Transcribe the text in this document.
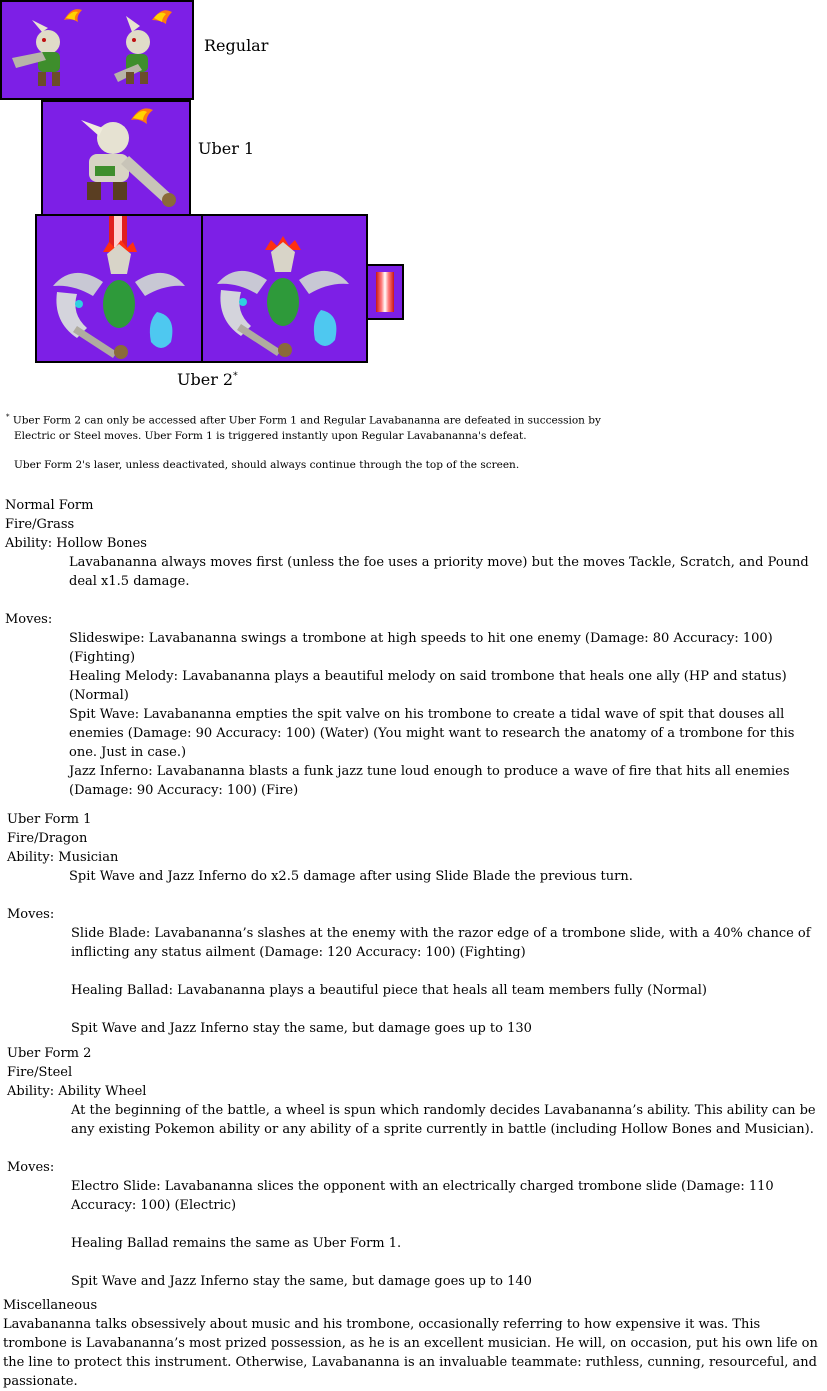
Regular
Uber 1
Uber 2*

* Uber Form 2 can only be accessed after Uber Form 1 and Regular Lavabananna are defeated in succession by

Electric or Steel moves. Uber Form 1 is triggered instantly upon Regular Lavabananna's defeat.

Uber Form 2's laser, unless deactivated, should always continue through the top of the screen.

Normal Form
Fire/Grass
Ability: Hollow Bones
Lavabananna always moves first (unless the foe uses a priority move) but the moves Tackle, Scratch, and Pound deal x1.5 damage.
Moves:
Slideswipe: Lavabananna swings a trombone at high speeds to hit one enemy (Damage: 80 Accuracy: 100) (Fighting)
Healing Melody: Lavabananna plays a beautiful melody on said trombone that heals one ally (HP and status) (Normal)
Spit Wave: Lavabananna empties the spit valve on his trombone to create a tidal wave of spit that douses all enemies (Damage: 90 Accuracy: 100) (Water) (You might want to research the anatomy of a trombone for this one. Just in case.)
Jazz Inferno: Lavabananna blasts a funk jazz tune loud enough to produce a wave of fire that hits all enemies (Damage: 90 Accuracy: 100) (Fire)
Uber Form 1
Fire/Dragon
Ability: Musician
Spit Wave and Jazz Inferno do x2.5 damage after using Slide Blade the previous turn.
Moves:
Slide Blade: Lavabananna’s slashes at the enemy with the razor edge of a trombone slide, with a 40% chance of inflicting any status ailment (Damage: 120 Accuracy: 100) (Fighting)
Healing Ballad: Lavabananna plays a beautiful piece that heals all team members fully (Normal)
Spit Wave and Jazz Inferno stay the same, but damage goes up to 130
Uber Form 2
Fire/Steel
Ability: Ability Wheel
At the beginning of the battle, a wheel is spun which randomly decides Lavabananna’s ability. This ability can be any existing Pokemon ability or any ability of a sprite currently in battle (including Hollow Bones and Musician).
Moves:
Electro Slide: Lavabananna slices the opponent with an electrically charged trombone slide (Damage: 110 Accuracy: 100) (Electric)
Healing Ballad remains the same as Uber Form 1.
Spit Wave and Jazz Inferno stay the same, but damage goes up to 140
Miscellaneous
Lavabananna talks obsessively about music and his trombone, occasionally referring to how expensive it was. This trombone is Lavabananna’s most prized possession, as he is an excellent musician. He will, on occasion, put his own life on the line to protect this instrument. Otherwise, Lavabananna is an invaluable teammate: ruthless, cunning, resourceful, and passionate.
